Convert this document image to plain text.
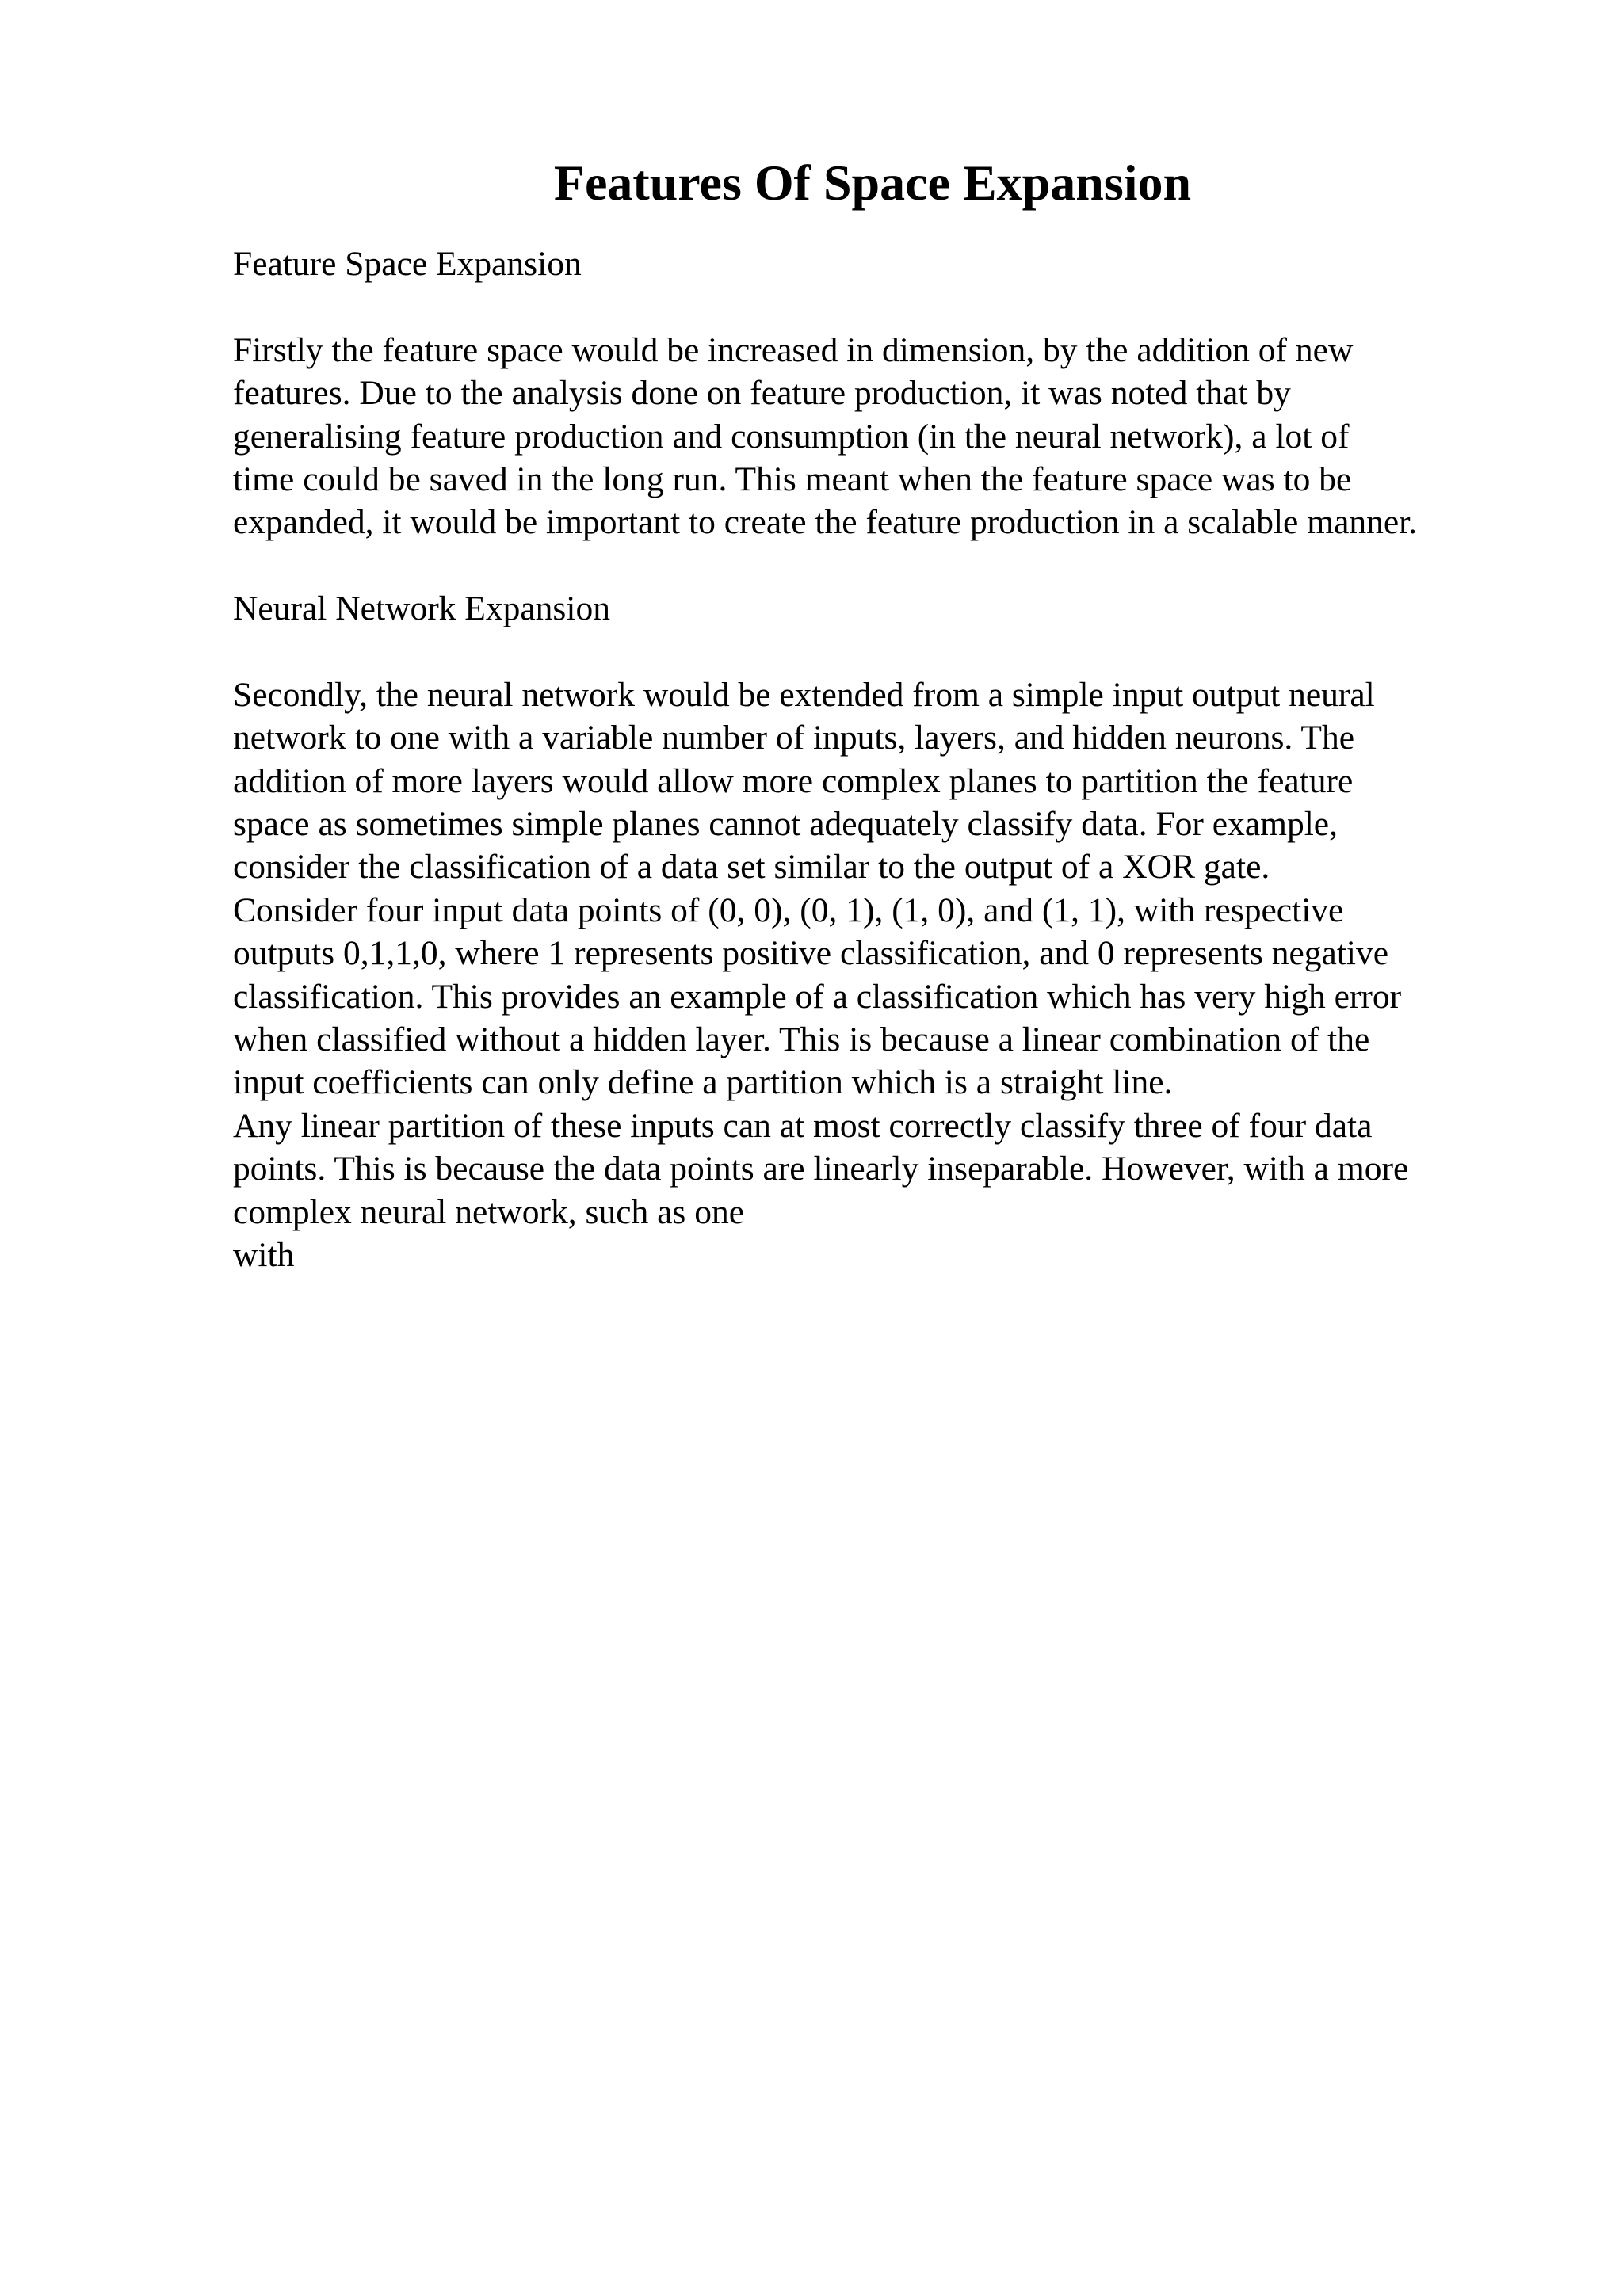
Features Of Space Expansion
Feature Space Expansion
Firstly the feature space would be increased in dimension, by the addition of new
features. Due to the analysis done on feature production, it was noted that by
generalising feature production and consumption (in the neural network), a lot of
time could be saved in the long run. This meant when the feature space was to be
expanded, it would be important to create the feature production in a scalable manner.
Neural Network Expansion
Secondly, the neural network would be extended from a simple input output neural
network to one with a variable number of inputs, layers, and hidden neurons. The
addition of more layers would allow more complex planes to partition the feature
space as sometimes simple planes cannot adequately classify data. For example,
consider the classification of a data set similar to the output of a XOR gate.
Consider four input data points of (0, 0), (0, 1), (1, 0), and (1, 1), with respective
outputs 0,1,1,0, where 1 represents positive classification, and 0 represents negative
classification. This provides an example of a classification which has very high error
when classified without a hidden layer. This is because a linear combination of the
input coefficients can only define a partition which is a straight line.
Any linear partition of these inputs can at most correctly classify three of four data
points. This is because the data points are linearly inseparable. However, with a more
complex neural network, such as one
with
